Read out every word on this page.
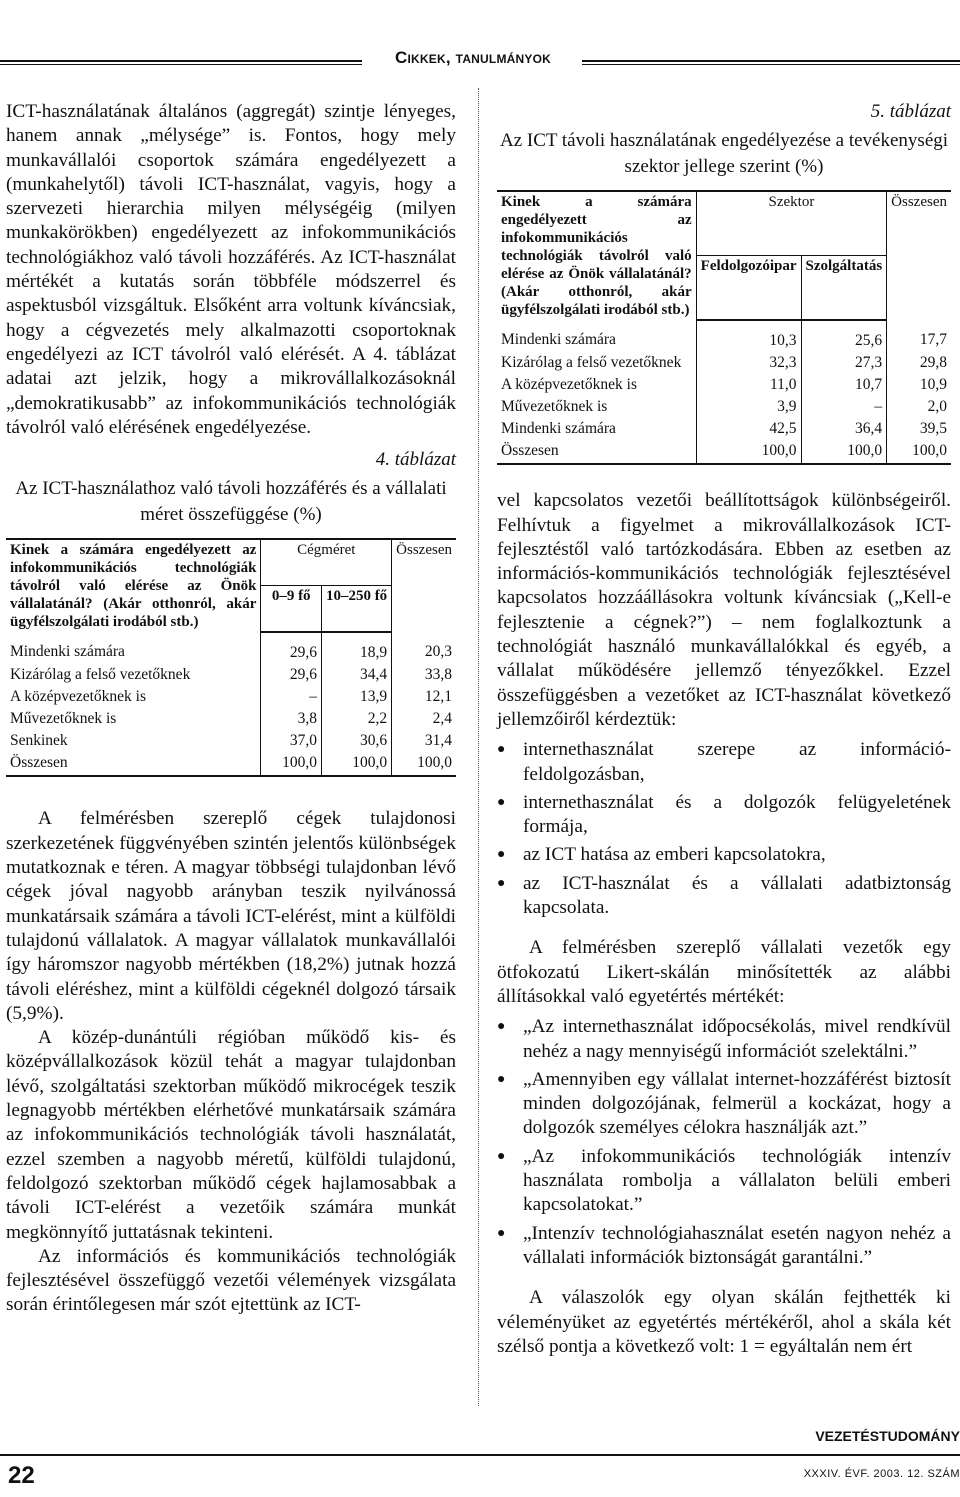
Cikkek, tanulmányok

ICT-használatának általános (aggregát) szintje lényeges, hanem annak „mélysége” is. Fontos, hogy mely munkavállalói csoportok számára engedélyezett a (munkahelytől) távoli ICT-használat, vagyis, hogy a szervezeti hierarchia milyen mélységéig (milyen munkakörökben) engedélyezett az infokommunikációs technológiákhoz való távoli hozzáférés. Az ICT-használat mértékét a kutatás során többféle módszerrel és aspektusból vizsgáltuk. Elsőként arra voltunk kíváncsiak, hogy a cégvezetés mely alkalmazotti csoportoknak engedélyezi az ICT távolról való elérését. A 4. táblázat adatai azt jelzik, hogy a mikrovállalkozásoknál „demokratikusabb” az infokommunikációs technológiák távolról való elérésének engedélyezése.

4. táblázat
Az ICT-használathoz való távoli hozzáférés és a vállalati méret összefüggése (%)
Kinek a számára engedélyezett az infokommunikációs technológiák távolról való elérése az Önök vállalatánál? (Akár otthonról, akár ügyfélszolgálati irodából stb.)	Cégméret		Összesen
	0–9 fő	10–250 fő	
Mindenki számára	29,6	18,9	20,3
Kizárólag a felső vezetőknek	29,6	34,4	33,8
A középvezetőknek is	–	13,9	12,1
Művezetőknek is	3,8	2,2	2,4
Senkinek	37,0	30,6	31,4
Összesen	100,0	100,0	100,0

A felmérésben szereplő cégek tulajdonosi szerkezetének függvényében szintén jelentős különbségek mutatkoznak e téren. A magyar többségi tulajdonban lévő cégek jóval nagyobb arányban teszik nyilvánossá munkatársaik számára a távoli ICT-elérést, mint a külföldi tulajdonú vállalatok. A magyar vállalatok munkavállalói így háromszor nagyobb mértékben (18,2%) jutnak hozzá távoli eléréshez, mint a külföldi cégeknél dolgozó társaik (5,9%).

A közép-dunántúli régióban működő kis- és középvállalkozások közül tehát a magyar tulajdonban lévő, szolgáltatási szektorban működő mikrocégek teszik legnagyobb mértékben elérhetővé munkatársaik számára az infokommunikációs technológiák távoli használatát, ezzel szemben a nagyobb méretű, külföldi tulajdonú, feldolgozó szektorban működő cégek hajlamosabbak a távoli ICT-elérést a vezetőik számára munkát megkönnyítő juttatásnak tekinteni.

Az információs és kommunikációs technológiák fejlesztésével összefüggő vezetői vélemények vizsgálata során érintőlegesen már szót ejtettünk az ICT-

5. táblázat
Az ICT távoli használatának engedélyezése a tevékenységi szektor jellege szerint (%)
Kinek a számára engedélyezett az infokommunikációs technológiák távolról való elérése az Önök vállalatánál? (Akár otthonról, akár ügyfélszolgálati irodából stb.)	Szektor		Összesen
	Feldolgozóipar	Szolgáltatás	
Mindenki számára	10,3	25,6	17,7
Kizárólag a felső vezetőknek	32,3	27,3	29,8
A középvezetőknek is	11,0	10,7	10,9
Művezetőknek is	3,9	–	2,0
Mindenki számára	42,5	36,4	39,5
Összesen	100,0	100,0	100,0

vel kapcsolatos vezetői beállítottságok különbségeiről. Felhívtuk a figyelmet a mikrovállalkozások ICT-fejlesztéstől való tartózkodására. Ebben az esetben az információs-kommunikációs technológiák fejlesztésével kapcsolatos hozzáállásokra voltunk kíváncsiak („Kell-e fejlesztenie a cégnek?”) – nem foglalkoztunk a technológiát használó munkavállalókkal és egyéb, a vállalat működésére jellemző tényezőkkel. Ezzel összefüggésben a vezetőket az ICT-használat következő jellemzőiről kérdeztük:

● internethasználat szerepe az információ-feldolgozásban,
● internethasználat és a dolgozók felügyeletének formája,
● az ICT hatása az emberi kapcsolatokra,
● az ICT-használat és a vállalati adatbiztonság kapcsolata.

A felmérésben szereplő vállalati vezetők egy ötfokozatú Likert-skálán minősítették az alábbi állításokkal való egyetértés mértékét:

● „Az internethasználat időpocsékolás, mivel rendkívül nehéz a nagy mennyiségű információt szelektálni.”
● „Amennyiben egy vállalat internet-hozzáférést biztosít minden dolgozójának, felmerül a kockázat, hogy a dolgozók személyes célokra használják azt.”
● „Az infokommunikációs technológiák intenzív használata rombolja a vállalaton belüli emberi kapcsolatokat.”
● „Intenzív technológiahasználat esetén nagyon nehéz a vállalati információk biztonságát garantálni.”

A válaszolók egy olyan skálán fejthették ki véleményüket az egyetértés mértékéről, ahol a skála két szélső pontja a következő volt: 1 = egyáltalán nem ért

VEZETÉSTUDOMÁNY
22	XXXIV. ÉVF. 2003. 12. SZÁM
